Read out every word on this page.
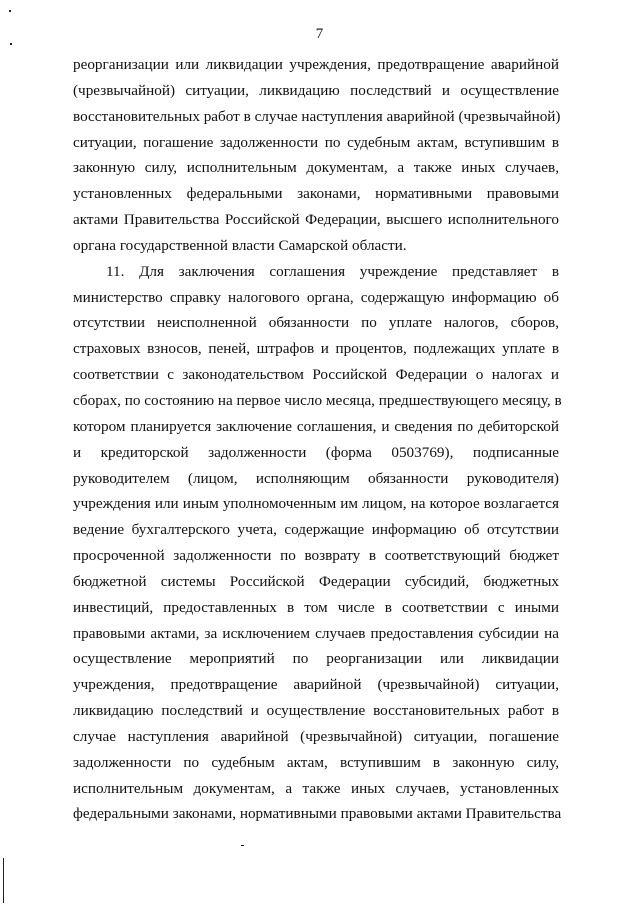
7
реорганизации или ликвидации учреждения, предотвращение аварийной
(чрезвычайной) ситуации, ликвидацию последствий и осуществление
восстановительных работ в случае наступления аварийной (чрезвычайной)
ситуации, погашение задолженности по судебным актам, вступившим в
законную силу, исполнительным документам, а также иных случаев,
установленных федеральными законами, нормативными правовыми
актами Правительства Российской Федерации, высшего исполнительного
органа государственной власти Самарской области.
11. Для заключения соглашения учреждение представляет в
министерство справку налогового органа, содержащую информацию об
отсутствии неисполненной обязанности по уплате налогов, сборов,
страховых взносов, пеней, штрафов и процентов, подлежащих уплате в
соответствии с законодательством Российской Федерации о налогах и
сборах, по состоянию на первое число месяца, предшествующего месяцу, в
котором планируется заключение соглашения, и сведения по дебиторской
и кредиторской задолженности (форма 0503769), подписанные
руководителем (лицом, исполняющим обязанности руководителя)
учреждения или иным уполномоченным им лицом, на которое возлагается
ведение бухгалтерского учета, содержащие информацию об отсутствии
просроченной задолженности по возврату в соответствующий бюджет
бюджетной системы Российской Федерации субсидий, бюджетных
инвестиций, предоставленных в том числе в соответствии с иными
правовыми актами, за исключением случаев предоставления субсидии на
осуществление мероприятий по реорганизации или ликвидации
учреждения, предотвращение аварийной (чрезвычайной) ситуации,
ликвидацию последствий и осуществление восстановительных работ в
случае наступления аварийной (чрезвычайной) ситуации, погашение
задолженности по судебным актам, вступившим в законную силу,
исполнительным документам, а также иных случаев, установленных
федеральными законами, нормативными правовыми актами Правительства
